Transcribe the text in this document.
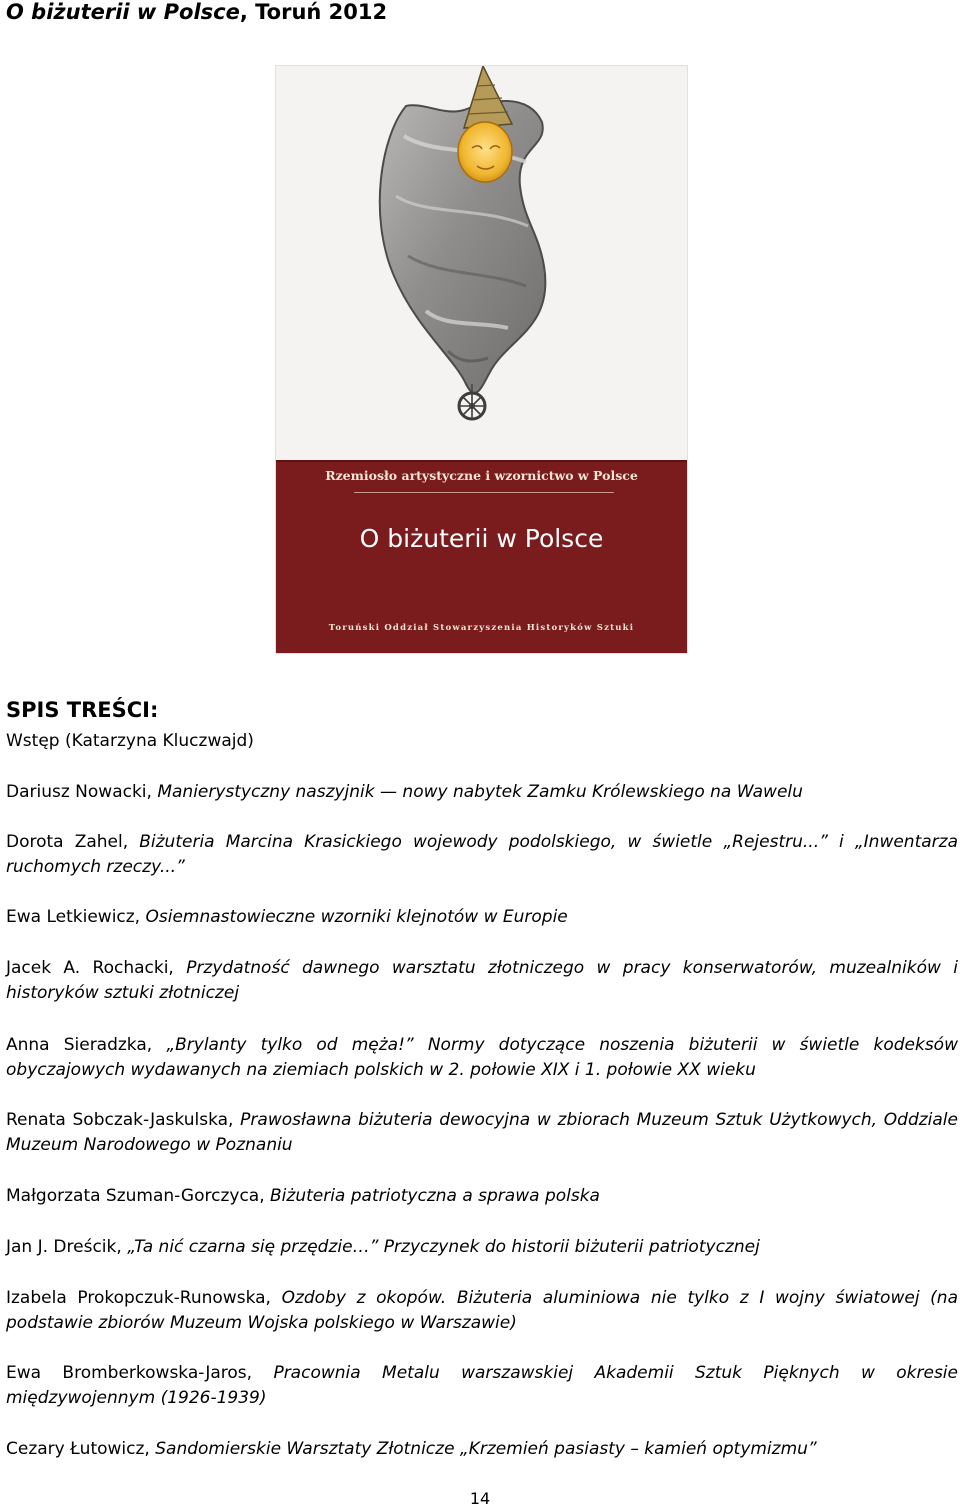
O biżuterii w Polsce, Toruń 2012
Rzemiosło artystyczne i wzornictwo w Polsce
O biżuterii w Polsce
Toruński Oddział Stowarzyszenia Historyków Sztuki
SPIS TREŚCI:
Wstęp (Katarzyna Kluczwajd)
Dariusz Nowacki, Manierystyczny naszyjnik — nowy nabytek Zamku Królewskiego na Wawelu
Dorota Zahel, Biżuteria Marcina Krasickiego wojewody podolskiego, w świetle „Rejestru...” i „Inwentarza ruchomych rzeczy...”
Ewa Letkiewicz, Osiemnastowieczne wzorniki klejnotów w Europie
Jacek A. Rochacki, Przydatność dawnego warsztatu złotniczego w pracy konserwatorów, muzealników i historyków sztuki złotniczej
Anna Sieradzka, „Brylanty tylko od męża!” Normy dotyczące noszenia biżuterii w świetle kodeksów obyczajowych wydawanych na ziemiach polskich w 2. połowie XIX i 1. połowie XX wieku
Renata Sobczak-Jaskulska, Prawosławna biżuteria dewocyjna w zbiorach Muzeum Sztuk Użytkowych, Oddziale Muzeum Narodowego w Poznaniu
Małgorzata Szuman-Gorczyca, Biżuteria patriotyczna a sprawa polska
Jan J. Dreścik, „Ta nić czarna się przędzie…” Przyczynek do historii biżuterii patriotycznej
Izabela Prokopczuk-Runowska, Ozdoby z okopów. Biżuteria aluminiowa nie tylko z I wojny światowej (na podstawie zbiorów Muzeum Wojska polskiego w Warszawie)
Ewa Bromberkowska-Jaros, Pracownia Metalu warszawskiej Akademii Sztuk Pięknych w okresie międzywojennym (1926-1939)
Cezary Łutowicz, Sandomierskie Warsztaty Złotnicze „Krzemień pasiasty – kamień optymizmu”
14
